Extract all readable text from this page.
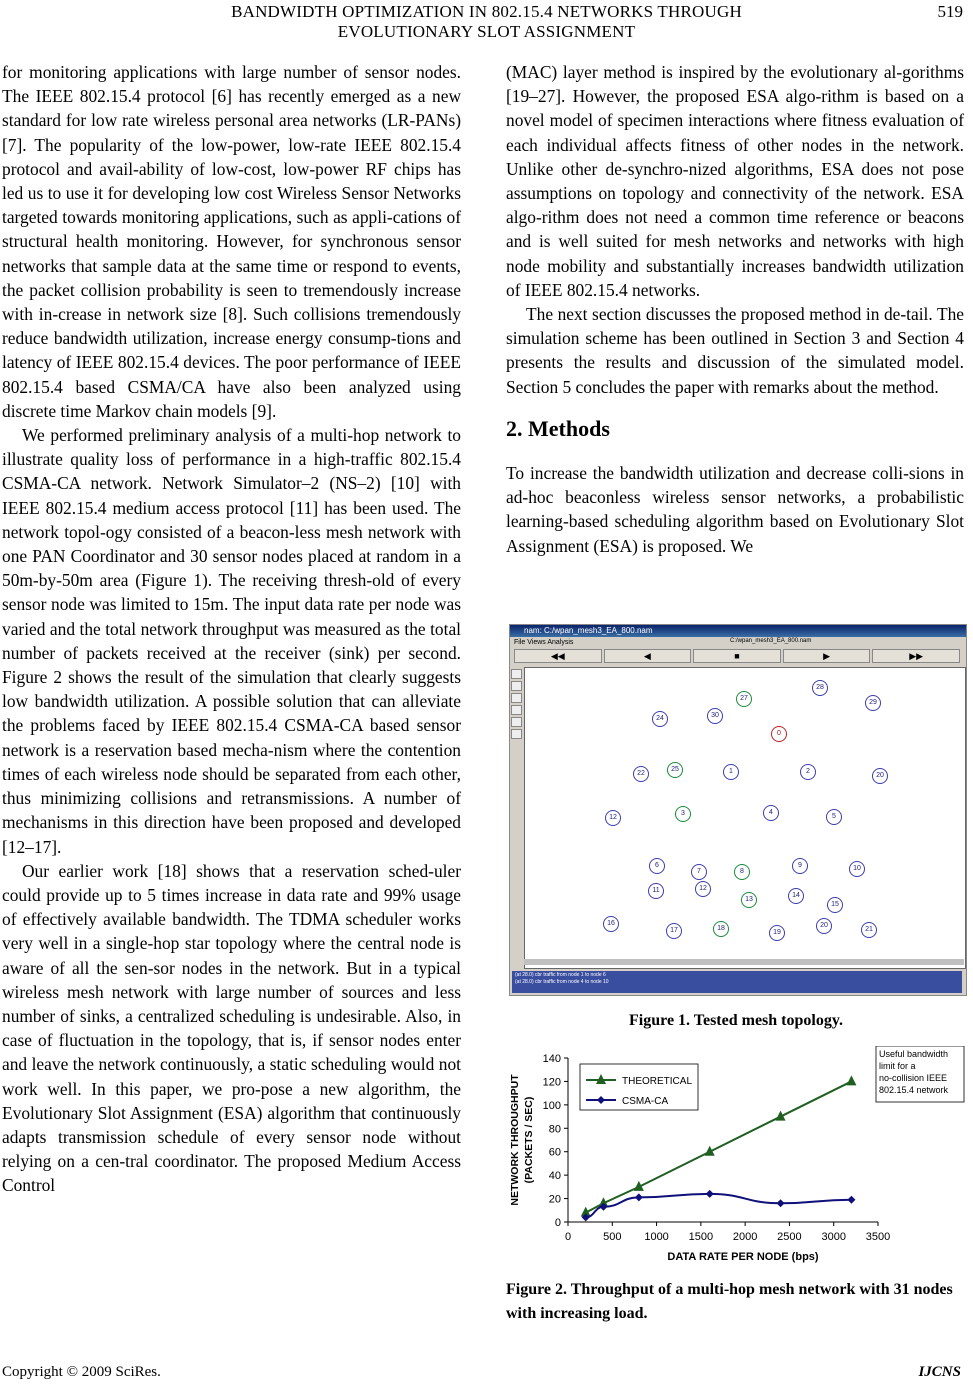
BANDWIDTH OPTIMIZATION IN 802.15.4 NETWORKS THROUGH
EVOLUTIONARY SLOT ASSIGNMENT
519

for monitoring applications with large number of sensor nodes. The IEEE 802.15.4 protocol [6] has recently emerged as a new standard for low rate wireless personal area networks (LR-PANs) [7]. The popularity of the low-power, low-rate IEEE 802.15.4 protocol and avail-ability of low-cost, low-power RF chips has led us to use it for developing low cost Wireless Sensor Networks targeted towards monitoring applications, such as appli-cations of structural health monitoring. However, for synchronous sensor networks that sample data at the same time or respond to events, the packet collision probability is seen to tremendously increase with in-crease in network size [8]. Such collisions tremendously reduce bandwidth utilization, increase energy consump-tions and latency of IEEE 802.15.4 devices. The poor performance of IEEE 802.15.4 based CSMA/CA have also been analyzed using discrete time Markov chain models [9].

We performed preliminary analysis of a multi-hop network to illustrate quality loss of performance in a high-traffic 802.15.4 CSMA-CA network. Network Simulator–2 (NS–2) [10] with IEEE 802.15.4 medium access protocol [11] has been used. The network topol-ogy consisted of a beacon-less mesh network with one PAN Coordinator and 30 sensor nodes placed at random in a 50m-by-50m area (Figure 1). The receiving thresh-old of every sensor node was limited to 15m. The input data rate per node was varied and the total network throughput was measured as the total number of packets received at the receiver (sink) per second. Figure 2 shows the result of the simulation that clearly suggests low bandwidth utilization. A possible solution that can alleviate the problems faced by IEEE 802.15.4 CSMA-CA based sensor network is a reservation based mecha-nism where the contention times of each wireless node should be separated from each other, thus minimizing collisions and retransmissions. A number of mechanisms in this direction have been proposed and developed [12–17].

Our earlier work [18] shows that a reservation sched-uler could provide up to 5 times increase in data rate and 99% usage of effectively available bandwidth. The TDMA scheduler works very well in a single-hop star topology where the central node is aware of all the sen-sor nodes in the network. But in a typical wireless mesh network with large number of sources and less number of sinks, a centralized scheduling is undesirable. Also, in case of fluctuation in the topology, that is, if sensor nodes enter and leave the network continuously, a static scheduling would not work well. In this paper, we pro-pose a new algorithm, the Evolutionary Slot Assignment (ESA) algorithm that continuously adapts transmission schedule of every sensor node without relying on a cen-tral coordinator. The proposed Medium Access Control

(MAC) layer method is inspired by the evolutionary al-gorithms [19–27]. However, the proposed ESA algo-rithm is based on a novel model of specimen interactions where fitness evaluation of each individual affects fitness of other nodes in the network. Unlike other de-synchro-nized algorithms, ESA does not pose assumptions on topology and connectivity of the network. ESA algo-rithm does not need a common time reference or beacons and is well suited for mesh networks and networks with high node mobility and substantially increases bandwidth utilization of IEEE 802.15.4 networks.

The next section discusses the proposed method in de-tail. The simulation scheme has been outlined in Section 3 and Section 4 presents the results and discussion of the simulated model. Section 5 concludes the paper with remarks about the method.

2. Methods

To increase the bandwidth utilization and decrease colli-sions in ad-hoc beaconless wireless sensor networks, a probabilistic learning-based scheduling algorithm based on Evolutionary Slot Assignment (ESA) is proposed. We

nam: C:/wpan_mesh3_EA_800.nam
File Views Analysis	C:/wpan_mesh3_EA_800.nam
◀◀	◀	■	▶	▶▶
24	30
27
29
28
0
22
25	1	2
20
12
3	4
5
6
7	8
9	10
11	12
13
14
15
16
17	18
19
20
21
(at 28.0) cbr traffic from node 1 to node 6
(at 28.0) cbr traffic from node 4 to node 10
Figure 1. Tested mesh topology.
0
20
40
60
80
100
120
140
0	500 1000 1500 2000 2500 3000 3500
DATA RATE PER NODE (bps)
NETWORK THROUGHPUT (PACKETS / SEC)
THEORETICAL
CSMA-CA
Useful bandwidth
limit for a
no-collision IEEE
802.15.4 network
Figure 2. Throughput of a multi-hop mesh network with 31 nodes with increasing load.
Copyright © 2009 SciRes.	IJCNS
